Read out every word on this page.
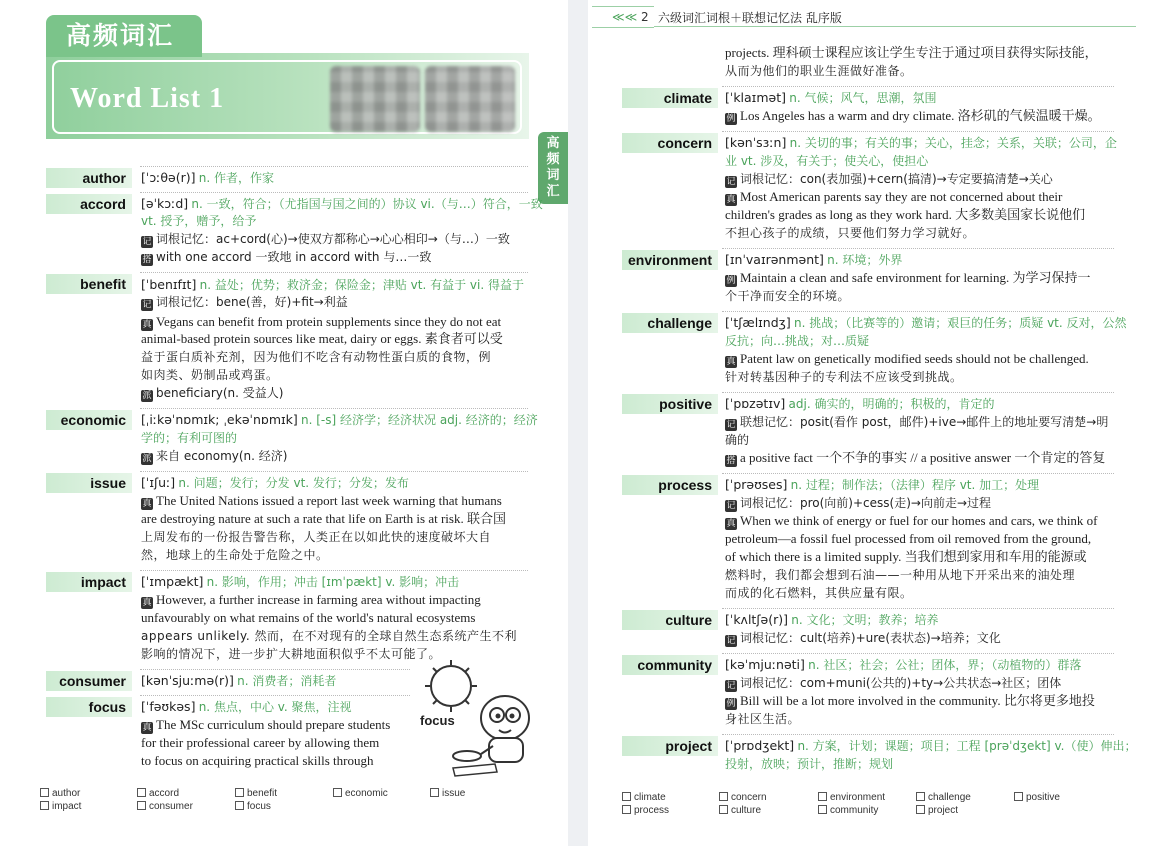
高频词汇
Word List 1
高
频
词
汇
author	[ˈɔːθə(r)] n. 作者，作家
accord	[əˈkɔːd] n. 一致，符合；（尤指国与国之间的）协议 vi.（与…）符合，一致
vt. 授予，赠予，给予
记 词根记忆：ac+cord(心)→使双方都称心→心心相印→（与…）一致
搭 with one accord 一致地 in accord with 与…一致
benefit	[ˈbenɪfɪt] n. 益处；优势；救济金；保险金；津贴 vt. 有益于 vi. 得益于
记 词根记忆：bene(善，好)+fit→利益
真 Vegans can benefit from protein supplements since they do not eat
animal-based protein sources like meat, dairy or eggs. 素食者可以受
益于蛋白质补充剂，因为他们不吃含有动物性蛋白质的食物，例
如肉类、奶制品或鸡蛋。
派 beneficiary(n. 受益人)
economic	[ˌiːkəˈnɒmɪk; ˌekəˈnɒmɪk] n. [-s] 经济学；经济状况 adj. 经济的；经济
学的；有利可图的
派 来自 economy(n. 经济)
issue	[ˈɪʃuː] n. 问题；发行；分发 vt. 发行；分发；发布
真 The United Nations issued a report last week warning that humans
are destroying nature at such a rate that life on Earth is at risk. 联合国
上周发布的一份报告警告称，人类正在以如此快的速度破坏大自
然，地球上的生命处于危险之中。
impact	[ˈɪmpækt] n. 影响，作用；冲击 [ɪmˈpækt] v. 影响；冲击
真 However, a further increase in farming area without impacting
unfavourably on what remains of the world's natural ecosystems
appears unlikely. 然而，在不对现有的全球自然生态系统产生不利
影响的情况下，进一步扩大耕地面积似乎不太可能了。
consumer	[kənˈsjuːmə(r)] n. 消费者；消耗者
focus	[ˈfəʊkəs] n. 焦点，中心 v. 聚焦，注视
真 The MSc curriculum should prepare students
for their professional career by allowing them
to focus on acquiring practical skills through
focus
author	accord	benefit	economic	issue
impact	consumer	focus
≪≪ 2 六级词汇词根＋联想记忆法 乱序版
projects. 理科硕士课程应该让学生专注于通过项目获得实际技能，
从而为他们的职业生涯做好准备。
climate	[ˈklaɪmət] n. 气候；风气，思潮，氛围
例 Los Angeles has a warm and dry climate. 洛杉矶的气候温暖干燥。
concern	[kənˈsɜːn] n. 关切的事；有关的事；关心，挂念；关系，关联；公司，企
业 vt. 涉及，有关于；使关心，使担心
记 词根记忆：con(表加强)+cern(搞清)→专定要搞清楚→关心
真 Most American parents say they are not concerned about their
children's grades as long as they work hard. 大多数美国家长说他们
不担心孩子的成绩，只要他们努力学习就好。
environment	[ɪnˈvaɪrənmənt] n. 环境；外界
例 Maintain a clean and safe environment for learning. 为学习保持一
个干净而安全的环境。
challenge	[ˈtʃælɪndʒ] n. 挑战；（比赛等的）邀请；艰巨的任务；质疑 vt. 反对，公然
反抗；向…挑战；对…质疑
真 Patent law on genetically modified seeds should not be challenged.
针对转基因种子的专利法不应该受到挑战。
positive	[ˈpɒzətɪv] adj. 确实的，明确的；积极的，肯定的
记 联想记忆：posit(看作 post，邮件)+ive→邮件上的地址要写清楚→明
确的
搭 a positive fact 一个不争的事实 // a positive answer 一个肯定的答复
process	[ˈprəʊses] n. 过程；制作法；（法律）程序 vt. 加工；处理
记 词根记忆：pro(向前)+cess(走)→向前走→过程
真 When we think of energy or fuel for our homes and cars, we think of
petroleum—a fossil fuel processed from oil removed from the ground,
of which there is a limited supply. 当我们想到家用和车用的能源或
燃料时，我们都会想到石油——一种用从地下开采出来的油处理
而成的化石燃料，其供应量有限。
culture	[ˈkʌltʃə(r)] n. 文化；文明；教养；培养
记 词根记忆：cult(培养)+ure(表状态)→培养；文化
community	[kəˈmjuːnəti] n. 社区；社会；公社；团体，界；（动植物的）群落
记 词根记忆：com+muni(公共的)+ty→公共状态→社区；团体
例 Bill will be a lot more involved in the community. 比尔将更多地投
身社区生活。
project	[ˈprɒdʒekt] n. 方案，计划；课题；项目；工程 [prəˈdʒekt] v.（使）伸出；
投射，放映；预计，推断；规划
climate	concern	environment	challenge	positive
process	culture	community	project
